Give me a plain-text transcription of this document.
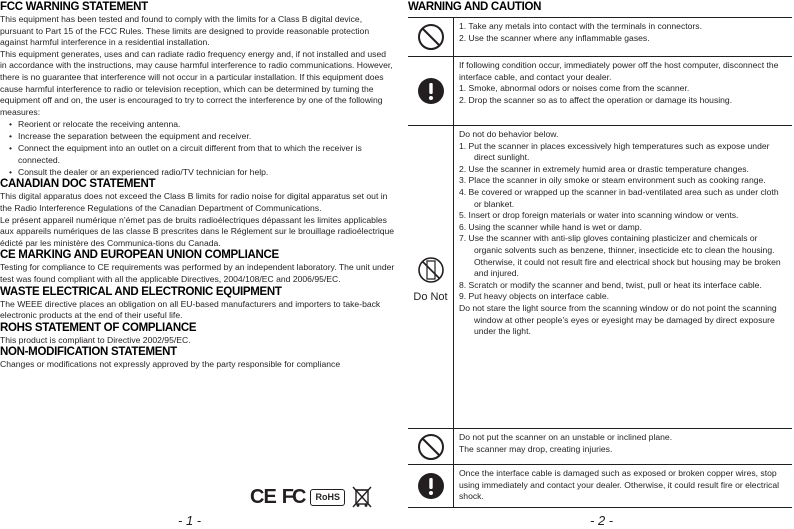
FCC WARNING STATEMENT

This equipment has been tested and found to comply with the limits for a Class B digital device, pursuant to Part 15 of the FCC Rules. These limits are designed to provide reasonable protection against harmful interference in a residential installation.

This equipment generates, uses and can radiate radio frequency energy and, if not installed and used in accordance with the instructions, may cause harmful interference to radio communications. However, there is no guarantee that interference will not occur in a particular installation. If this equipment does cause harmful interference to radio or television reception, which can be determined by turning the equipment off and on, the user is encouraged to try to correct the interference by one of the following measures:

• Reorient or relocate the receiving antenna.
• Increase the separation between the equipment and receiver.
• Connect the equipment into an outlet on a circuit different from that to which the receiver is connected.
• Consult the dealer or an experienced radio/TV technician for help.

CANADIAN DOC STATEMENT

This digital apparatus does not exceed the Class B limits for radio noise for digital apparatus set out in the Radio Interference Regulations of the Canadian Department of Communications.

Le présent appareil numérique n’émet pas de bruits radioélectriques dépassant les limites applicables aux appareils numériques de las classe B prescrites dans le Réglement sur le brouillage radioélectrique édicté par les ministère des Communica-tions du Canada.

CE MARKING AND EUROPEAN UNION COMPLIANCE

Testing for compliance to CE requirements was performed by an independent laboratory. The unit under test was found compliant with all the applicable Directives, 2004/108/EC and 2006/95/EC.

WASTE ELECTRICAL AND ELECTRONIC EQUIPMENT

The WEEE directive places an obligation on all EU-based manufacturers and importers to take-back electronic products at the end of their useful life.

ROHS STATEMENT OF COMPLIANCE

This product is compliant to Directive 2002/95/EC.

NON-MODIFICATION STATEMENT

Changes or modifications not expressly approved by the party responsible for compliance

CE FC	RoHS
- 1 -

WARNING AND CAUTION

1. Take any metals into contact with the terminals in connectors.

2. Use the scanner where any inflammable gases.

If following condition occur, immediately power off the host computer, disconnect the interface cable, and contact your dealer.

1. Smoke, abnormal odors or noises come from the scanner.

2. Drop the scanner so as to affect the operation or damage its housing.

Do Not

Do not do behavior below.

1. Put the scanner in places excessively high temperatures such as expose under direct sunlight.

2. Use the scanner in extremely humid area or drastic temperature changes.

3. Place the scanner in oily smoke or steam environment such as cooking range.

4. Be covered or wrapped up the scanner in bad-ventilated area such as under cloth or blanket.

5. Insert or drop foreign materials or water into scanning window or vents.

6. Using the scanner while hand is wet or damp.

7. Use the scanner with anti-slip gloves containing plasticizer and chemicals or organic solvents such as benzene, thinner, insecticide etc to clean the housing. Otherwise, it could not result fire and electrical shock but housing may be broken and injured.

8. Scratch or modify the scanner and bend, twist, pull or heat its interface cable.

9. Put heavy objects on interface cable.

Do not stare the light source from the scanning window or do not point the scanning window at other people’s eyes or eyesight may be damaged by direct exposure under the light.

Do not put the scanner on an unstable or inclined plane.

The scanner may drop, creating injuries.

Once the interface cable is damaged such as exposed or broken copper wires, stop using immediately and contact your dealer. Otherwise, it could result fire or electrical shock.

- 2 -
